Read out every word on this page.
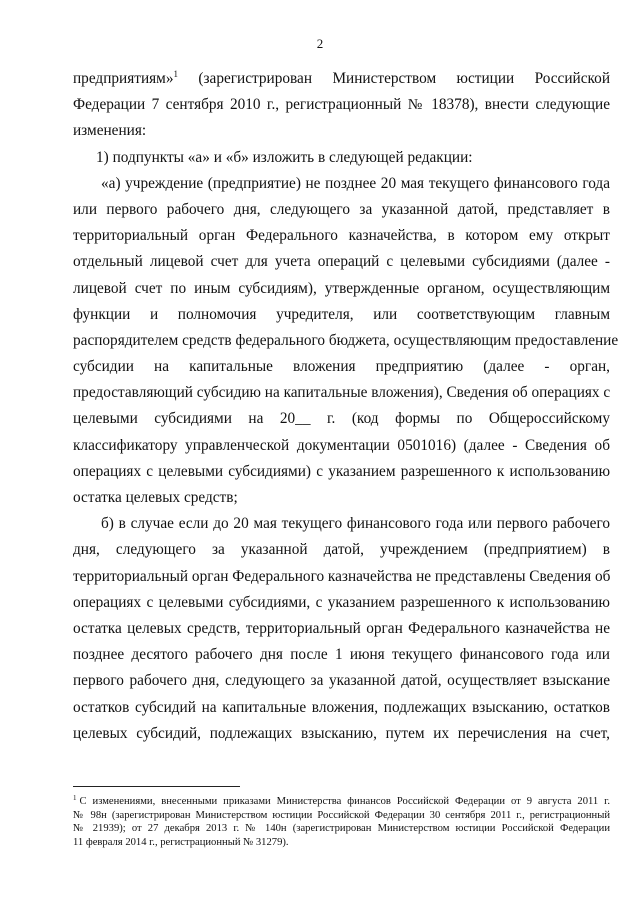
2
предприятиям»$^1$ (зарегистрирован Министерством юстиции Российской
Федерации 7 сентября 2010 г., регистрационный № 18378), внести следующие
изменения:
1) подпункты «а» и «б» изложить в следующей редакции:
«а) учреждение (предприятие) не позднее 20 мая текущего финансового года
или первого рабочего дня, следующего за указанной датой, представляет в
территориальный орган Федерального казначейства, в котором ему открыт
отдельный лицевой счет для учета операций с целевыми субсидиями (далее -
лицевой счет по иным субсидиям), утвержденные органом, осуществляющим
функции и полномочия учредителя, или соответствующим главным
распорядителем средств федерального бюджета, осуществляющим предоставление
субсидии на капитальные вложения предприятию (далее - орган,
предоставляющий субсидию на капитальные вложения), Сведения об операциях с
целевыми субсидиями на 20__ г. (код формы по Общероссийскому
классификатору управленческой документации 0501016) (далее - Сведения об
операциях с целевыми субсидиями) с указанием разрешенного к использованию
остатка целевых средств;
б) в случае если до 20 мая текущего финансового года или первого рабочего
дня, следующего за указанной датой, учреждением (предприятием) в
территориальный орган Федерального казначейства не представлены Сведения об
операциях с целевыми субсидиями, с указанием разрешенного к использованию
остатка целевых средств, территориальный орган Федерального казначейства не
позднее десятого рабочего дня после 1 июня текущего финансового года или
первого рабочего дня, следующего за указанной датой, осуществляет взыскание
остатков субсидий на капитальные вложения, подлежащих взысканию, остатков
целевых субсидий, подлежащих взысканию, путем их перечисления на счет,
$^1$ С изменениями, внесенными приказами Министерства финансов Российской Федерации от 9 августа 2011 г.
№ 98н (зарегистрирован Министерством юстиции Российской Федерации 30 сентября 2011 г., регистрационный
№ 21939); от 27 декабря 2013 г. № 140н (зарегистрирован Министерством юстиции Российской Федерации
11 февраля 2014 г., регистрационный № 31279).
